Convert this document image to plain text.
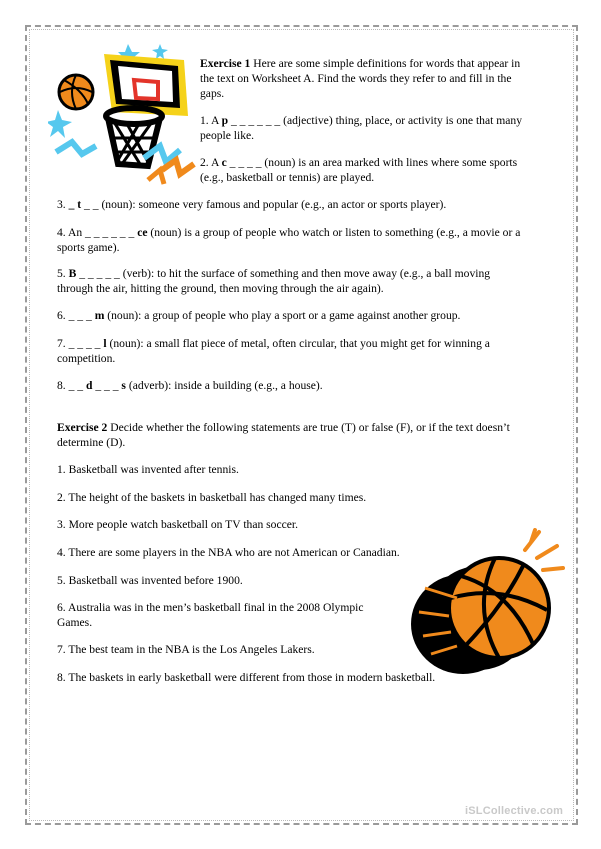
Exercise 1 Here are some simple definitions for words that appear in
the text on Worksheet A. Find the words they refer to and fill in the
gaps.
1. A p _ _ _ _ _ _ (adjective) thing, place, or activity is one that many
people like.
2. A c _ _ _ _ (noun) is an area marked with lines where some sports
(e.g., basketball or tennis) are played.
3. _ t _ _ (noun): someone very famous and popular (e.g., an actor or sports player).
4. An _ _ _ _ _ _ ce (noun) is a group of people who watch or listen to something (e.g., a movie or a
sports game).
5. B _ _ _ _ _ (verb): to hit the surface of something and then move away (e.g., a ball moving
through the air, hitting the ground, then moving through the air again).
6. _ _ _ m (noun): a group of people who play a sport or a game against another group.
7. _ _ _ _ l (noun): a small flat piece of metal, often circular, that you might get for winning a
competition.
8. _ _ d _ _ _ s (adverb): inside a building (e.g., a house).
Exercise 2 Decide whether the following statements are true (T) or false (F), or if the text doesn’t
determine (D).
1. Basketball was invented after tennis.
2. The height of the baskets in basketball has changed many times.
3. More people watch basketball on TV than soccer.
4. There are some players in the NBA who are not American or Canadian.
5. Basketball was invented before 1900.
6. Australia was in the men’s basketball final in the 2008 Olympic
Games.
7. The best team in the NBA is the Los Angeles Lakers.
8. The baskets in early basketball were different from those in modern basketball.
iSLCollective.com
